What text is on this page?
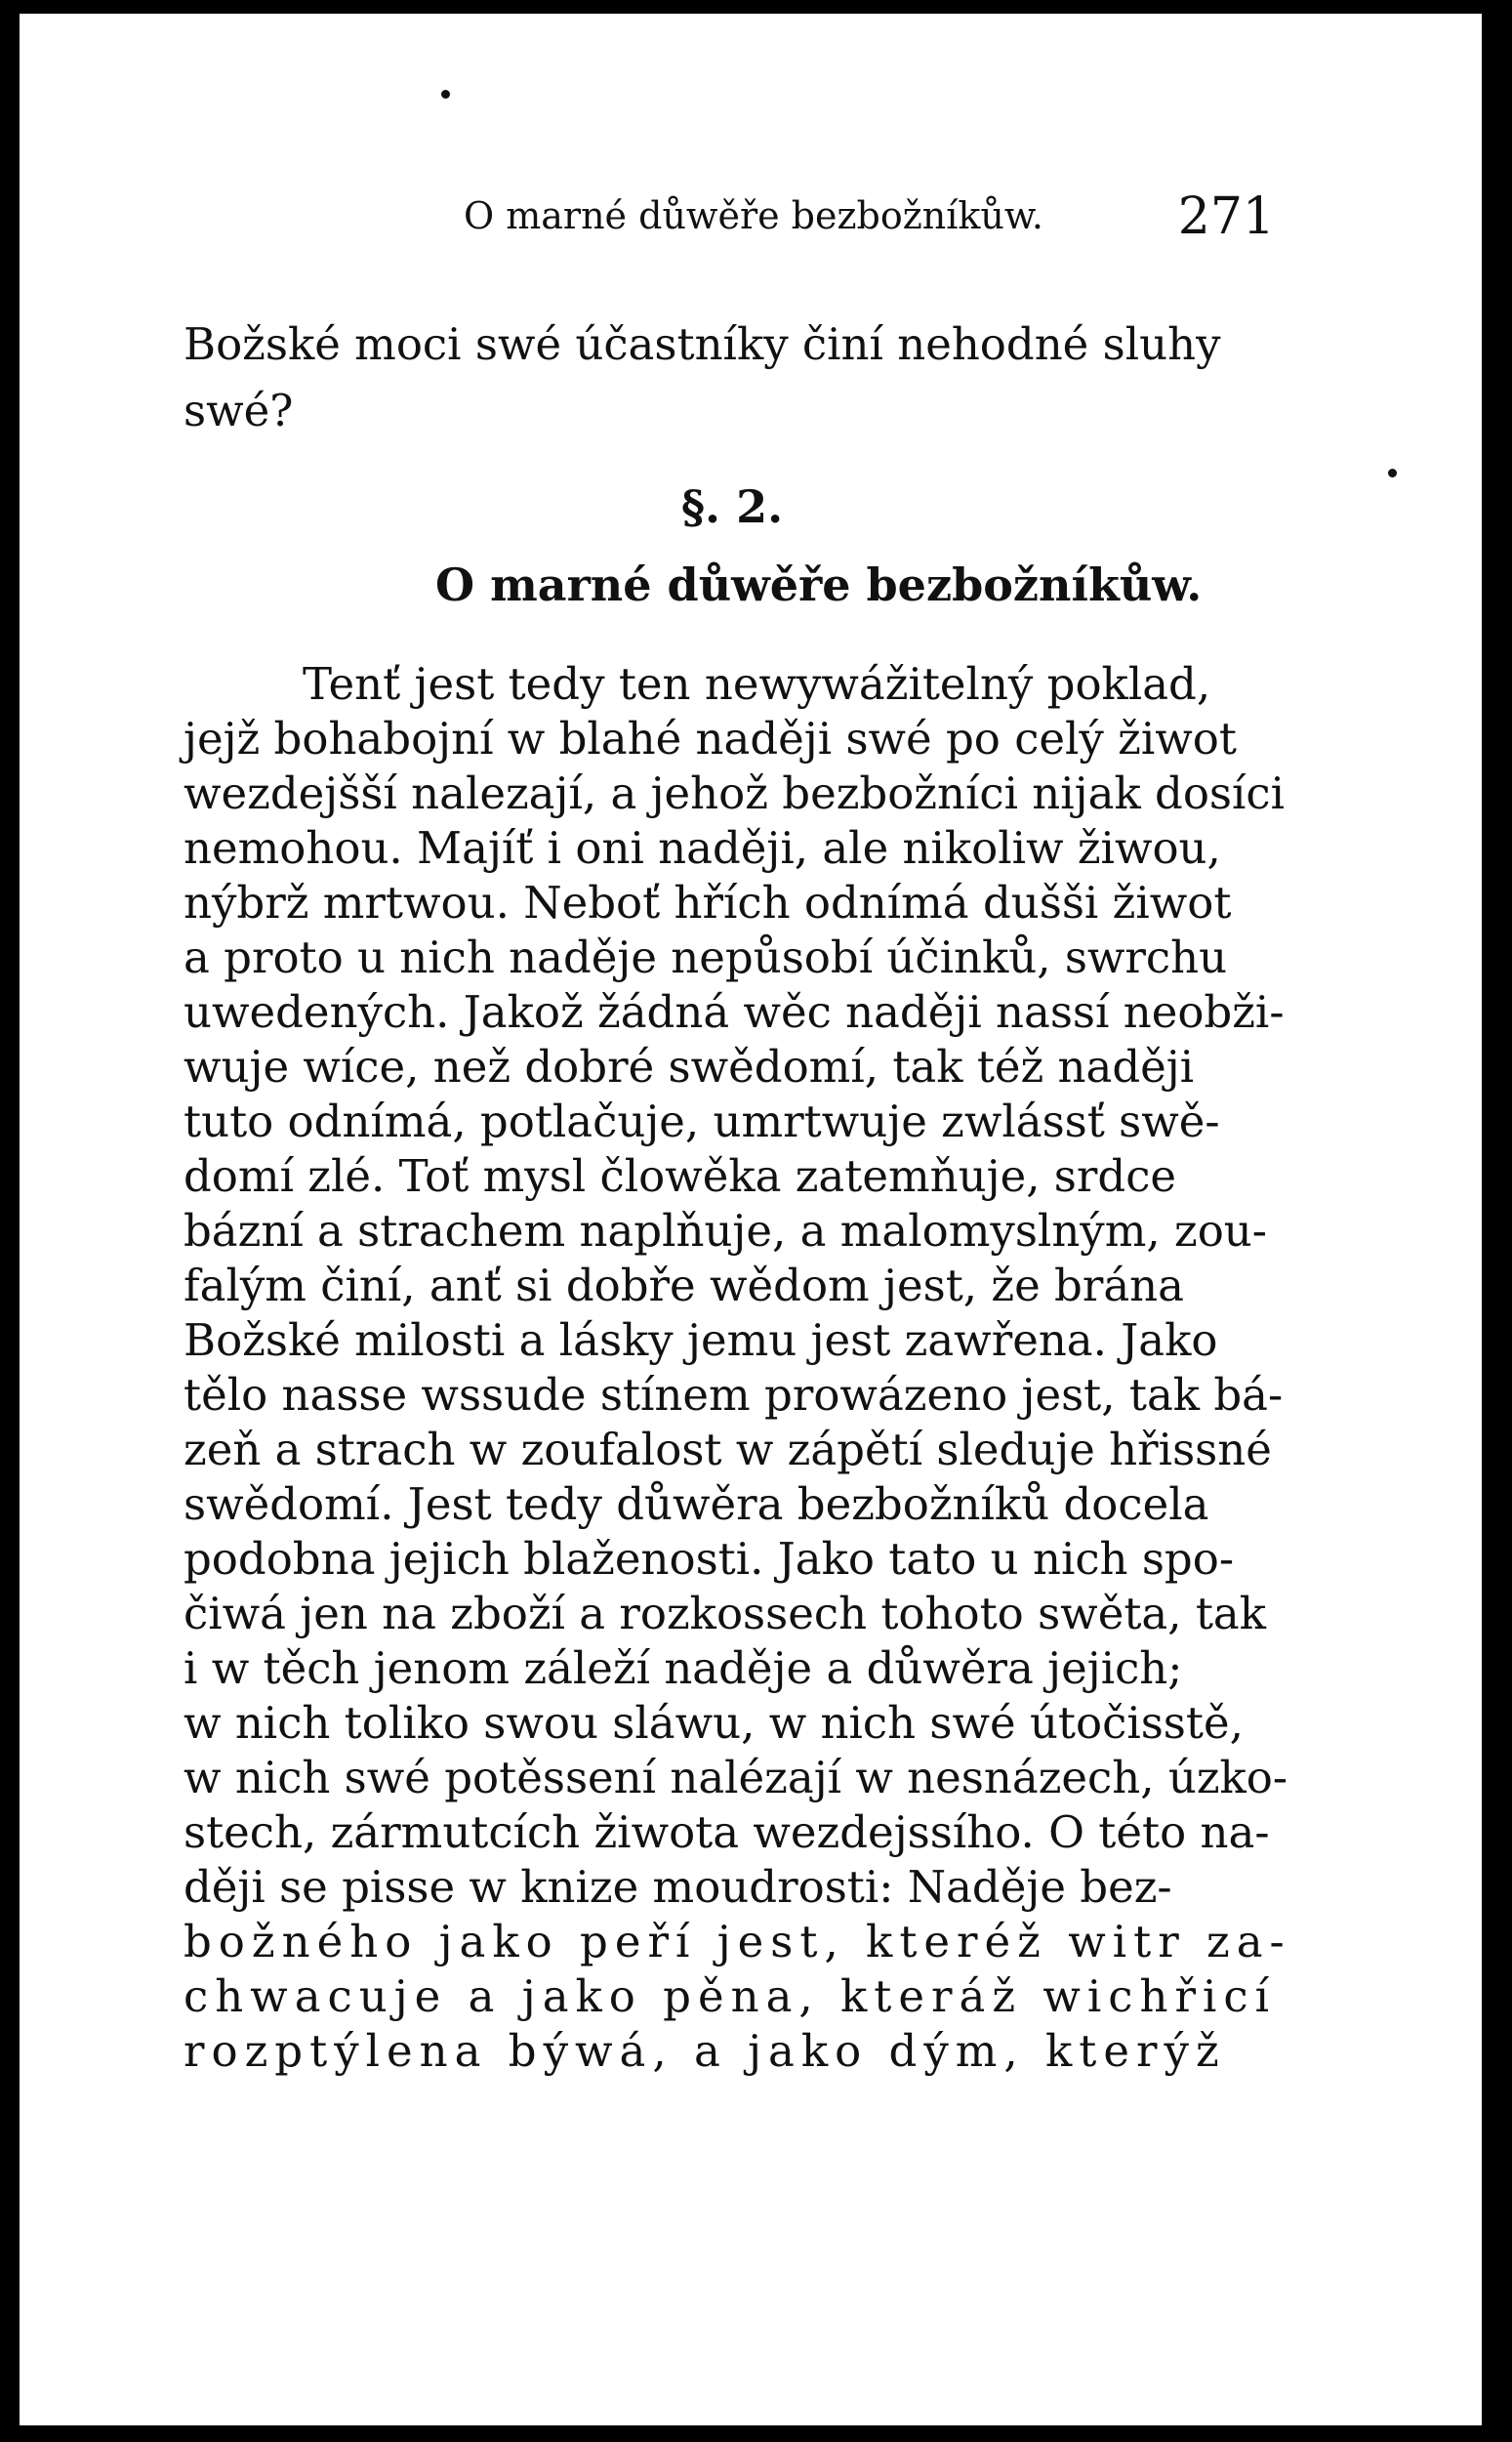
O marné důwěře bezbožníkůw.	271
Božské moci swé účastníky činí nehodné sluhy
swé?
§. 2.
O marné důwěře bezbožníkůw.
Tenť jest tedy ten newywážitelný poklad,
jejž bohabojní w blahé naději swé po celý žiwot
wezdejšší nalezají, a jehož bezbožníci nijak dosíci
nemohou. Majíť i oni naději, ale nikoliw žiwou,
nýbrž mrtwou. Neboť hřích odnímá dušši žiwot
a proto u nich naděje nepůsobí účinků, swrchu
uwedených. Jakož žádná wěc naději nassí neobži-
wuje wíce, než dobré swědomí, tak též naději
tuto odnímá, potlačuje, umrtwuje zwlássť swě-
domí zlé. Toť mysl člowěka zatemňuje, srdce
bázní a strachem naplňuje, a malomyslným, zou-
falým činí, anť si dobře wědom jest, že brána
Božské milosti a lásky jemu jest zawřena. Jako
tělo nasse wssude stínem prowázeno jest, tak bá-
zeň a strach w zoufalost w zápětí sleduje hřissné
swědomí. Jest tedy důwěra bezbožníků docela
podobna jejich blaženosti. Jako tato u nich spo-
čiwá jen na zboží a rozkossech tohoto swěta, tak
i w těch jenom záleží naděje a důwěra jejich;
w nich toliko swou sláwu, w nich swé útočisstě,
w nich swé potěssení nalézají w nesnázech, úzko-
stech, zármutcích žiwota wezdejssího. O této na-
ději se pisse w knize moudrosti: Naděje bez-
božného jako peří jest, kteréž witr za-
chwacuje a jako pěna, kteráž wichřicí
rozptýlena býwá, a jako dým, kterýž
